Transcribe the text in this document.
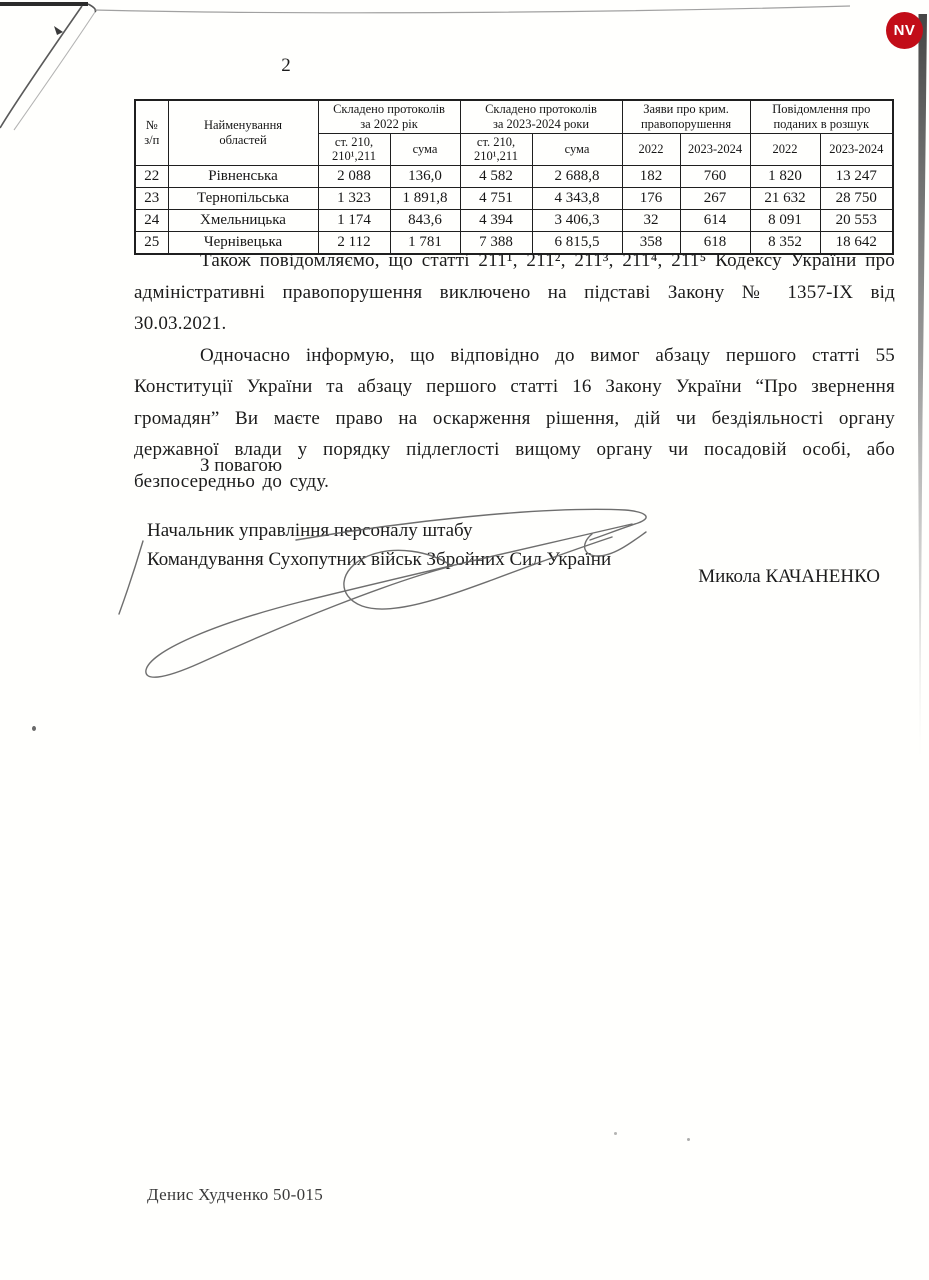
NV
2
№
з/п

Найменування
областей

Складено протоколів
за 2022 рік

Складено протоколів
за 2023-2024 роки

Заяви про крим.
правопорушення

Повідомлення про
поданих в розшук

		ст. 210, 210¹,211	сума	ст. 210, 210¹,211	сума	2022	2023-2024	2022	2023-2024
22	Рівненська	2 088	136,0	4 582	2 688,8	182	760	1 820	13 247
23	Тернопільська	1 323	1 891,8	4 751	4 343,8	176	267	21 632	28 750
24	Хмельницька	1 174	843,6	4 394	3 406,3	32	614	8 091	20 553
25	Чернівецька	2 112	1 781	7 388	6 815,5	358	618	8 352	18 642

Також повідомляємо, що статті 211¹, 211², 211³, 211⁴, 211⁵ Кодексу України про адміністративні правопорушення виключено на підставі Закону № 1357-IX від 30.03.2021.

Одночасно інформую, що відповідно до вимог абзацу першого статті 55 Конституції України та абзацу першого статті 16 Закону України “Про звернення громадян” Ви маєте право на оскарження рішення, дій чи бездіяльності органу державної влади у порядку підлеглості вищому органу чи посадовій особі, або безпосередньо до суду.

З повагою
Начальник управління персоналу штабу
Командування Сухопутних військ Збройних Сил України
Микола КАЧАНЕНКО
Денис Худченко 50-015
